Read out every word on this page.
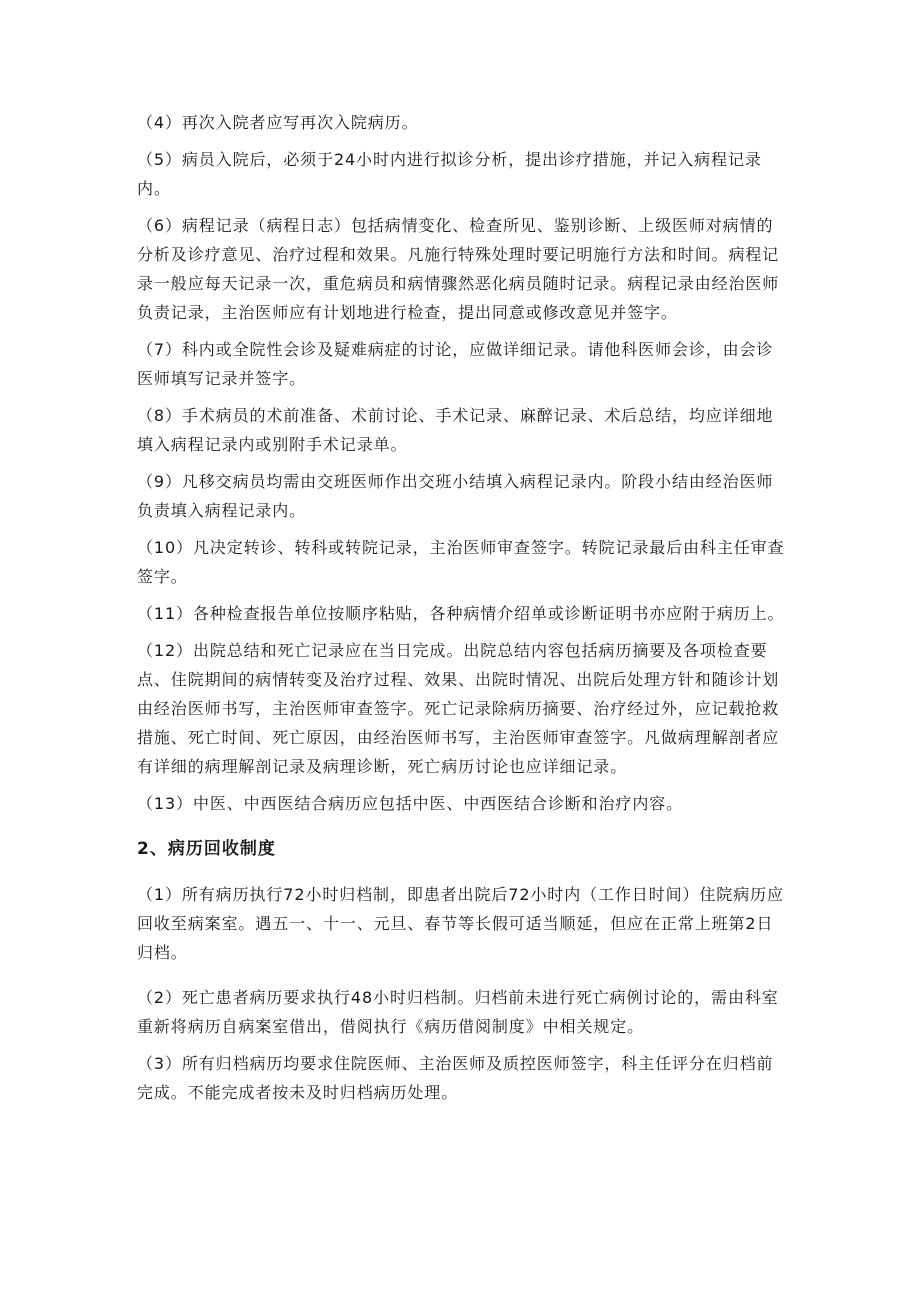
（4）再次入院者应写再次入院病历。

（5）病员入院后，必须于24小时内进行拟诊分析，提出诊疗措施，并记入病程记录内。

（6）病程记录（病程日志）包括病情变化、检查所见、鉴别诊断、上级医师对病情的分析及诊疗意见、治疗过程和效果。凡施行特殊处理时要记明施行方法和时间。病程记录一般应每天记录一次，重危病员和病情骤然恶化病员随时记录。病程记录由经治医师负责记录，主治医师应有计划地进行检查，提出同意或修改意见并签字。

（7）科内或全院性会诊及疑难病症的讨论，应做详细记录。请他科医师会诊，由会诊医师填写记录并签字。

（8）手术病员的术前准备、术前讨论、手术记录、麻醉记录、术后总结，均应详细地填入病程记录内或别附手术记录单。

（9）凡移交病员均需由交班医师作出交班小结填入病程记录内。阶段小结由经治医师负责填入病程记录内。

（10）凡决定转诊、转科或转院记录，主治医师审查签字。转院记录最后由科主任审查签字。

（11）各种检查报告单位按顺序粘贴，各种病情介绍单或诊断证明书亦应附于病历上。

（12）出院总结和死亡记录应在当日完成。出院总结内容包括病历摘要及各项检查要点、住院期间的病情转变及治疗过程、效果、出院时情况、出院后处理方针和随诊计划由经治医师书写，主治医师审查签字。死亡记录除病历摘要、治疗经过外，应记载抢救措施、死亡时间、死亡原因，由经治医师书写，主治医师审查签字。凡做病理解剖者应有详细的病理解剖记录及病理诊断，死亡病历讨论也应详细记录。

（13）中医、中西医结合病历应包括中医、中西医结合诊断和治疗内容。

2、病历回收制度

（1）所有病历执行72小时归档制，即患者出院后72小时内（工作日时间）住院病历应回收至病案室。遇五一、十一、元旦、春节等长假可适当顺延，但应在正常上班第2日归档。

（2）死亡患者病历要求执行48小时归档制。归档前未进行死亡病例讨论的，需由科室重新将病历自病案室借出，借阅执行《病历借阅制度》中相关规定。

（3）所有归档病历均要求住院医师、主治医师及质控医师签字，科主任评分在归档前完成。不能完成者按未及时归档病历处理。
